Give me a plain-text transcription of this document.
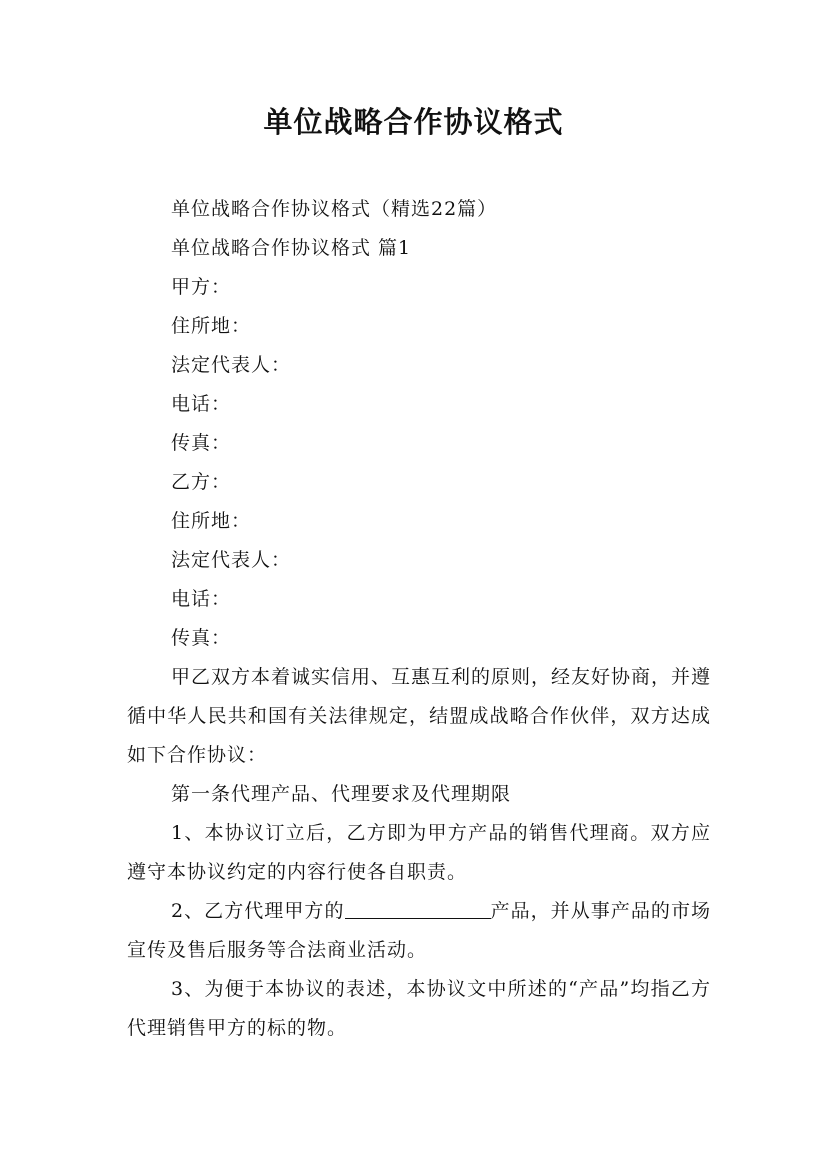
单位战略合作协议格式

单位战略合作协议格式（精选22篇）

单位战略合作协议格式 篇1

甲方：

住所地：

法定代表人：

电话：

传真：

乙方：

住所地：

法定代表人：

电话：

传真：

甲乙双方本着诚实信用、互惠互利的原则，经友好协商，并遵循中华人民共和国有关法律规定，结盟成战略合作伙伴，双方达成如下合作协议：

第一条代理产品、代理要求及代理期限

1、本协议订立后，乙方即为甲方产品的销售代理商。双方应遵守本协议约定的内容行使各自职责。

2、乙方代理甲方的	产品，并从事产品的市场宣传及售后服务等合法商业活动。

3、为便于本协议的表述，本协议文中所述的“产品”均指乙方代理销售甲方的标的物。
